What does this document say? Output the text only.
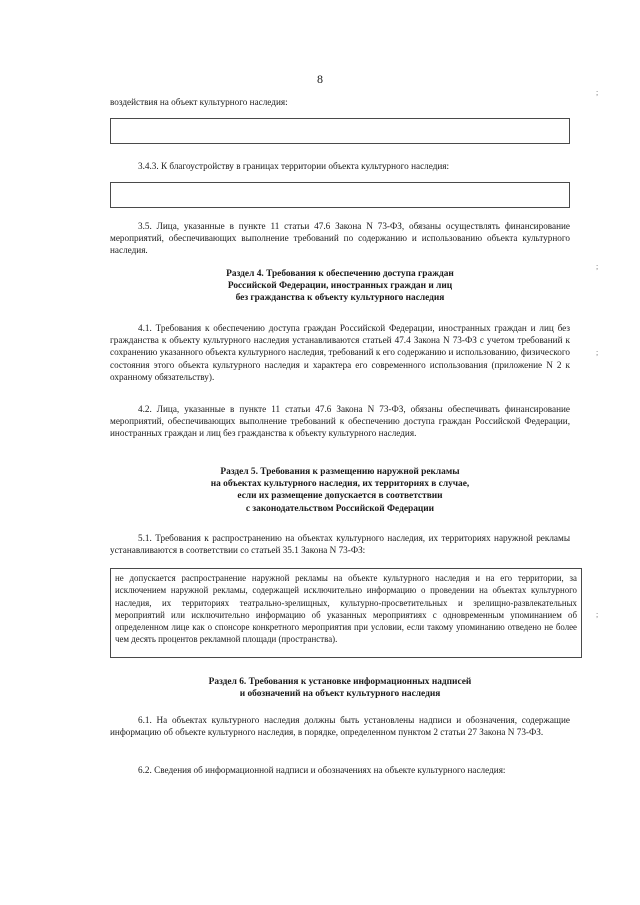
8
воздействия на объект культурного наследия:
3.4.3. К благоустройству в границах территории объекта культурного наследия:
3.5. Лица, указанные в пункте 11 статьи 47.6 Закона N 73-ФЗ, обязаны осуществлять финансирование мероприятий, обеспечивающих выполнение требований по содержанию и использованию объекта культурного наследия.
Раздел 4. Требования к обеспечению доступа граждан
Российской Федерации, иностранных граждан и лиц
без гражданства к объекту культурного наследия
4.1. Требования к обеспечению доступа граждан Российской Федерации, иностранных граждан и лиц без гражданства к объекту культурного наследия устанавливаются статьей 47.4 Закона N 73-ФЗ с учетом требований к сохранению указанного объекта культурного наследия, требований к его содержанию и использованию, физического состояния этого объекта культурного наследия и характера его современного использования (приложение N 2 к охранному обязательству).
4.2. Лица, указанные в пункте 11 статьи 47.6 Закона N 73-ФЗ, обязаны обеспечивать финансирование мероприятий, обеспечивающих выполнение требований к обеспечению доступа граждан Российской Федерации, иностранных граждан и лиц без гражданства к объекту культурного наследия.
Раздел 5. Требования к размещению наружной рекламы
на объектах культурного наследия, их территориях в случае,
если их размещение допускается в соответствии
с законодательством Российской Федерации
5.1. Требования к распространению на объектах культурного наследия, их территориях наружной рекламы устанавливаются в соответствии со статьей 35.1 Закона N 73-ФЗ:
не допускается распространение наружной рекламы на объекте культурного наследия и на его территории, за исключением наружной рекламы, содержащей исключительно информацию о проведении на объектах культурного наследия, их территориях театрально-зрелищных, культурно-просветительных и зрелищно-развлекательных мероприятий или исключительно информацию об указанных мероприятиях с одновременным упоминанием об определенном лице как о спонсоре конкретного мероприятия при условии, если такому упоминанию отведено не более чем десять процентов рекламной площади (пространства).
Раздел 6. Требования к установке информационных надписей
и обозначений на объект культурного наследия
6.1. На объектах культурного наследия должны быть установлены надписи и обозначения, содержащие информацию об объекте культурного наследия, в порядке, определенном пунктом 2 статьи 27 Закона N 73-ФЗ.
6.2. Сведения об информационной надписи и обозначениях на объекте культурного наследия:
;
;
;
;
